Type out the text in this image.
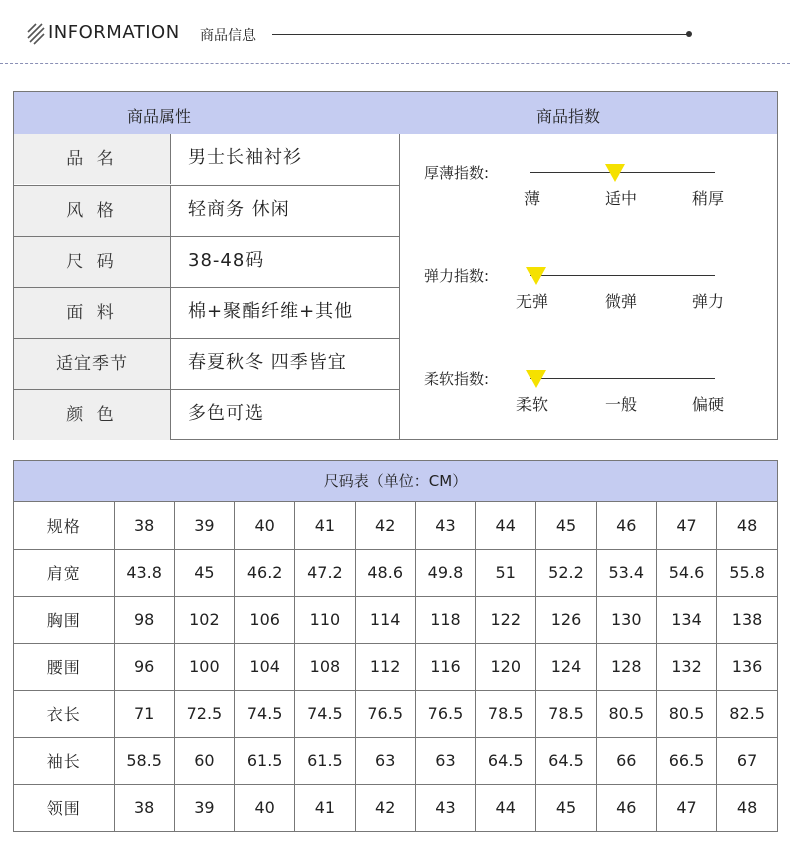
INFORMATION 商品信息
商品属性	商品指数
品 名	男士长袖衬衫
风 格	轻商务 休闲
尺 码	38-48码
面 料	棉+聚酯纤维+其他
适宜季节	春夏秋冬 四季皆宜
颜 色	多色可选
厚薄指数:
薄	适中	稍厚
弹力指数:
无弹	微弹	弹力
柔软指数:
柔软	一般	偏硬
尺码表（单位：CM）
规格	38	39	40	41	42	43	44	45	46	47	48
肩宽	43.8	45	46.2	47.2	48.6	49.8	51	52.2	53.4	54.6	55.8
胸围	98	102	106	110	114	118	122	126	130	134	138
腰围	96	100	104	108	112	116	120	124	128	132	136
衣长	71	72.5	74.5	74.5	76.5	76.5	78.5	78.5	80.5	80.5	82.5
袖长	58.5	60	61.5	61.5	63	63	64.5	64.5	66	66.5	67
领围	38	39	40	41	42	43	44	45	46	47	48
